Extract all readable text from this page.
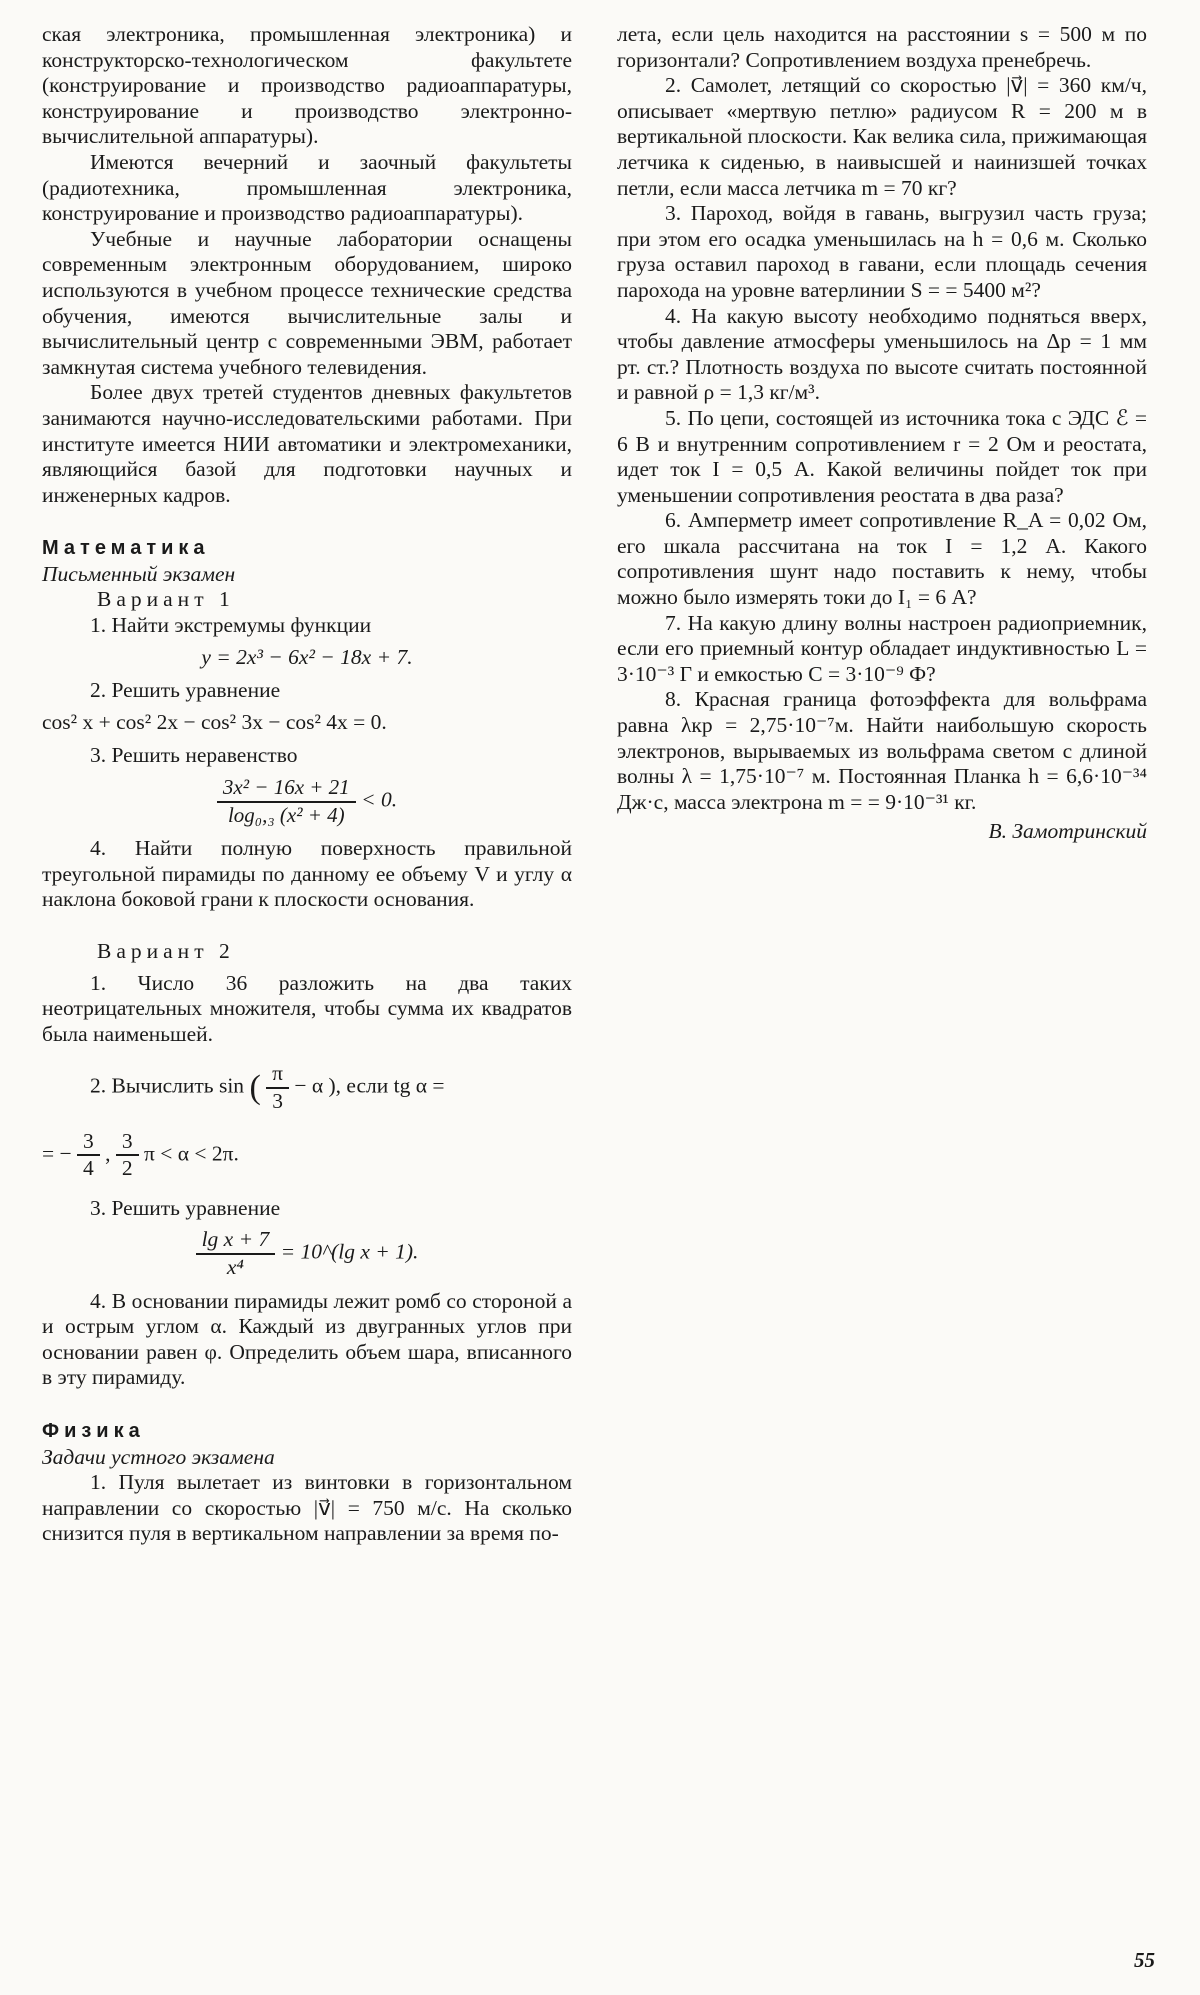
ская электроника, промышленная электроника) и конструкторско-технологическом факультете (конструирование и производство радиоаппаратуры, конструирование и производство электронно-вычислительной аппаратуры).

Имеются вечерний и заочный факультеты (радиотехника, промышленная электроника, конструирование и производство радиоаппаратуры).

Учебные и научные лаборатории оснащены современным электронным оборудованием, широко используются в учебном процессе технические средства обучения, имеются вычислительные залы и вычислительный центр с современными ЭВМ, работает замкнутая система учебного телевидения.

Более двух третей студентов дневных факультетов занимаются научно-исследовательскими работами. При институте имеется НИИ автоматики и электромеханики, являющийся базой для подготовки научных и инженерных кадров.

Математика

Письменный экзамен

Вариант 1

1. Найти экстремумы функции

y = 2x³ − 6x² − 18x + 7.

2. Решить уравнение

cos² x + cos² 2x − cos² 3x − cos² 4x = 0.

3. Решить неравенство

$\frac{\text{3x² − 16x + 21}}{\text{log₀,₃ (x² + 4)}} < 0$.

4. Найти полную поверхность правильной треугольной пирамиды по данному ее объему V и углу α наклона боковой грани к плоскости основания.

Вариант 2

1. Число 36 разложить на два таких неотрицательных множителя, чтобы сумма их квадратов была наименьшей.

2. Вычислить sin ( $\frac{\pi}{3} - \alpha$ ), если tg α =
= − $\frac{3}{4}$ , $\frac{3}{2}$ π < α < 2π.

3. Решить уравнение

$\frac{\text{lg x + 7}}{\text{x⁴}}$ = 10^(lg x + 1).

4. В основании пирамиды лежит ромб со стороной a и острым углом α. Каждый из двугранных углов при основании равен φ. Определить объем шара, вписанного в эту пирамиду.

Физика

Задачи устного экзамена

1. Пуля вылетает из винтовки в горизонтальном направлении со скоростью |v⃗| = 750 м/с. На сколько снизится пуля в вертикальном направлении за время по-

лета, если цель находится на расстоянии s = 500 м по горизонтали? Сопротивлением воздуха пренебречь.

2. Самолет, летящий со скоростью |v⃗| = 360 км/ч, описывает «мертвую петлю» радиусом R = 200 м в вертикальной плоскости. Как велика сила, прижимающая летчика к сиденью, в наивысшей и наинизшей точках петли, если масса летчика m = 70 кг?

3. Пароход, войдя в гавань, выгрузил часть груза; при этом его осадка уменьшилась на h = 0,6 м. Сколько груза оставил пароход в гавани, если площадь сечения парохода на уровне ватерлинии S = = 5400 м²?

4. На какую высоту необходимо подняться вверх, чтобы давление атмосферы уменьшилось на Δp = 1 мм рт. ст.? Плотность воздуха по высоте считать постоянной и равной ρ = 1,3 кг/м³.

5. По цепи, состоящей из источника тока с ЭДС ℰ = 6 В и внутренним сопротивлением r = 2 Ом и реостата, идет ток I = 0,5 А. Какой величины пойдет ток при уменьшении сопротивления реостата в два раза?

6. Амперметр имеет сопротивление R_A = 0,02 Ом, его шкала рассчитана на ток I = 1,2 А. Какого сопротивления шунт надо поставить к нему, чтобы можно было измерять токи до I₁ = 6 А?

7. На какую длину волны настроен радиоприемник, если его приемный контур обладает индуктивностью L = 3·10⁻³ Г и емкостью C = 3·10⁻⁹ Ф?

8. Красная граница фотоэффекта для вольфрама равна λкр = 2,75·10⁻⁷м. Найти наибольшую скорость электронов, вырываемых из вольфрама светом с длиной волны λ = 1,75·10⁻⁷ м. Постоянная Планка h = 6,6·10⁻³⁴ Дж·с, масса электрона m = = 9·10⁻³¹ кг.

В. Замотринский

55
